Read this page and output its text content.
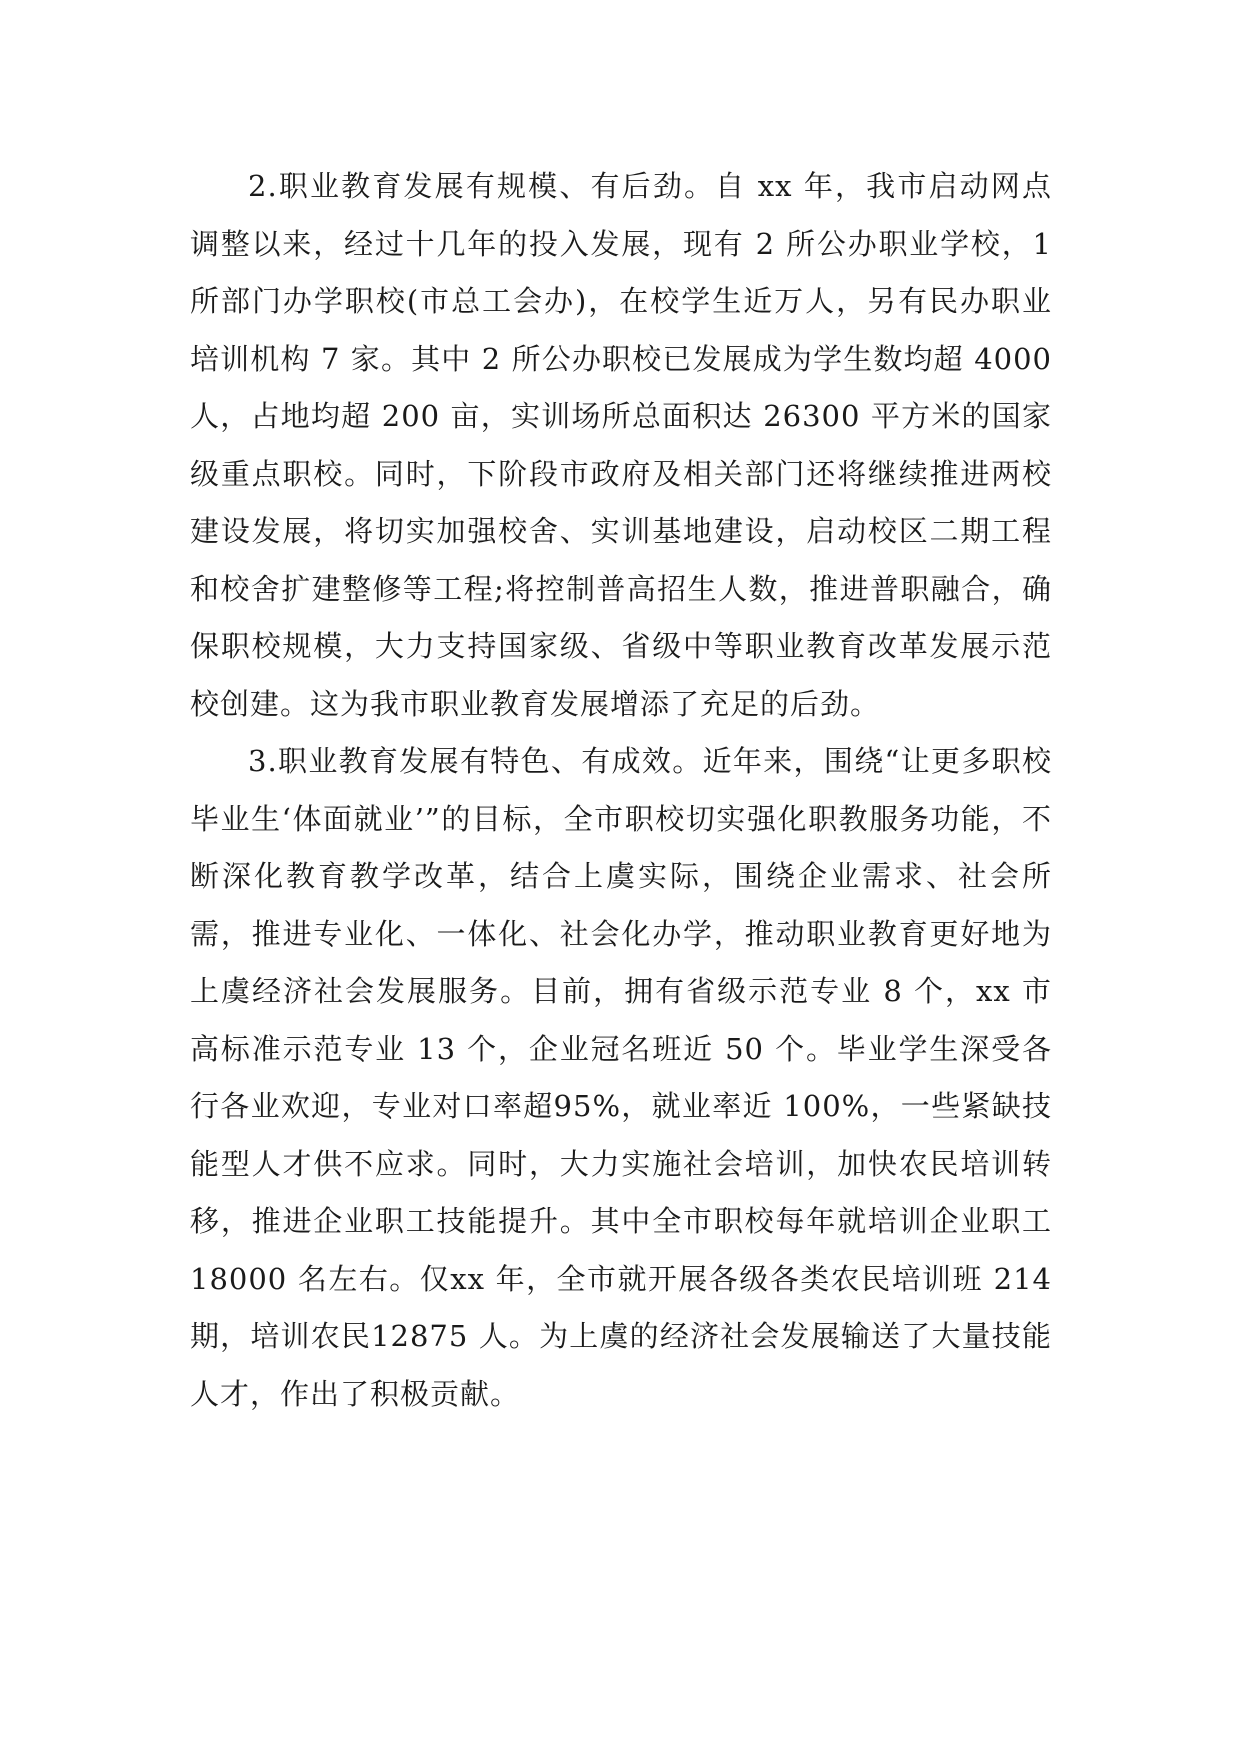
2.职业教育发展有规模、有后劲。自 xx 年，我市启动网点调整以来，经过十几年的投入发展，现有 2 所公办职业学校，1 所部门办学职校(市总工会办)，在校学生近万人，另有民办职业培训机构 7 家。其中 2 所公办职校已发展成为学生数均超 4000 人，占地均超 200 亩，实训场所总面积达 26300 平方米的国家级重点职校。同时，下阶段市政府及相关部门还将继续推进两校建设发展，将切实加强校舍、实训基地建设，启动校区二期工程和校舍扩建整修等工程;将控制普高招生人数，推进普职融合，确保职校规模，大力支持国家级、省级中等职业教育改革发展示范校创建。这为我市职业教育发展增添了充足的后劲。

3.职业教育发展有特色、有成效。近年来，围绕“让更多职校毕业生‘体面就业’”的目标，全市职校切实强化职教服务功能，不断深化教育教学改革，结合上虞实际，围绕企业需求、社会所需，推进专业化、一体化、社会化办学，推动职业教育更好地为上虞经济社会发展服务。目前，拥有省级示范专业 8 个，xx 市高标准示范专业 13 个，企业冠名班近 50 个。毕业学生深受各行各业欢迎，专业对口率超95%，就业率近 100%，一些紧缺技能型人才供不应求。同时，大力实施社会培训，加快农民培训转移，推进企业职工技能提升。其中全市职校每年就培训企业职工 18000 名左右。仅xx 年，全市就开展各级各类农民培训班 214 期，培训农民12875 人。为上虞的经济社会发展输送了大量技能人才，作出了积极贡献。
